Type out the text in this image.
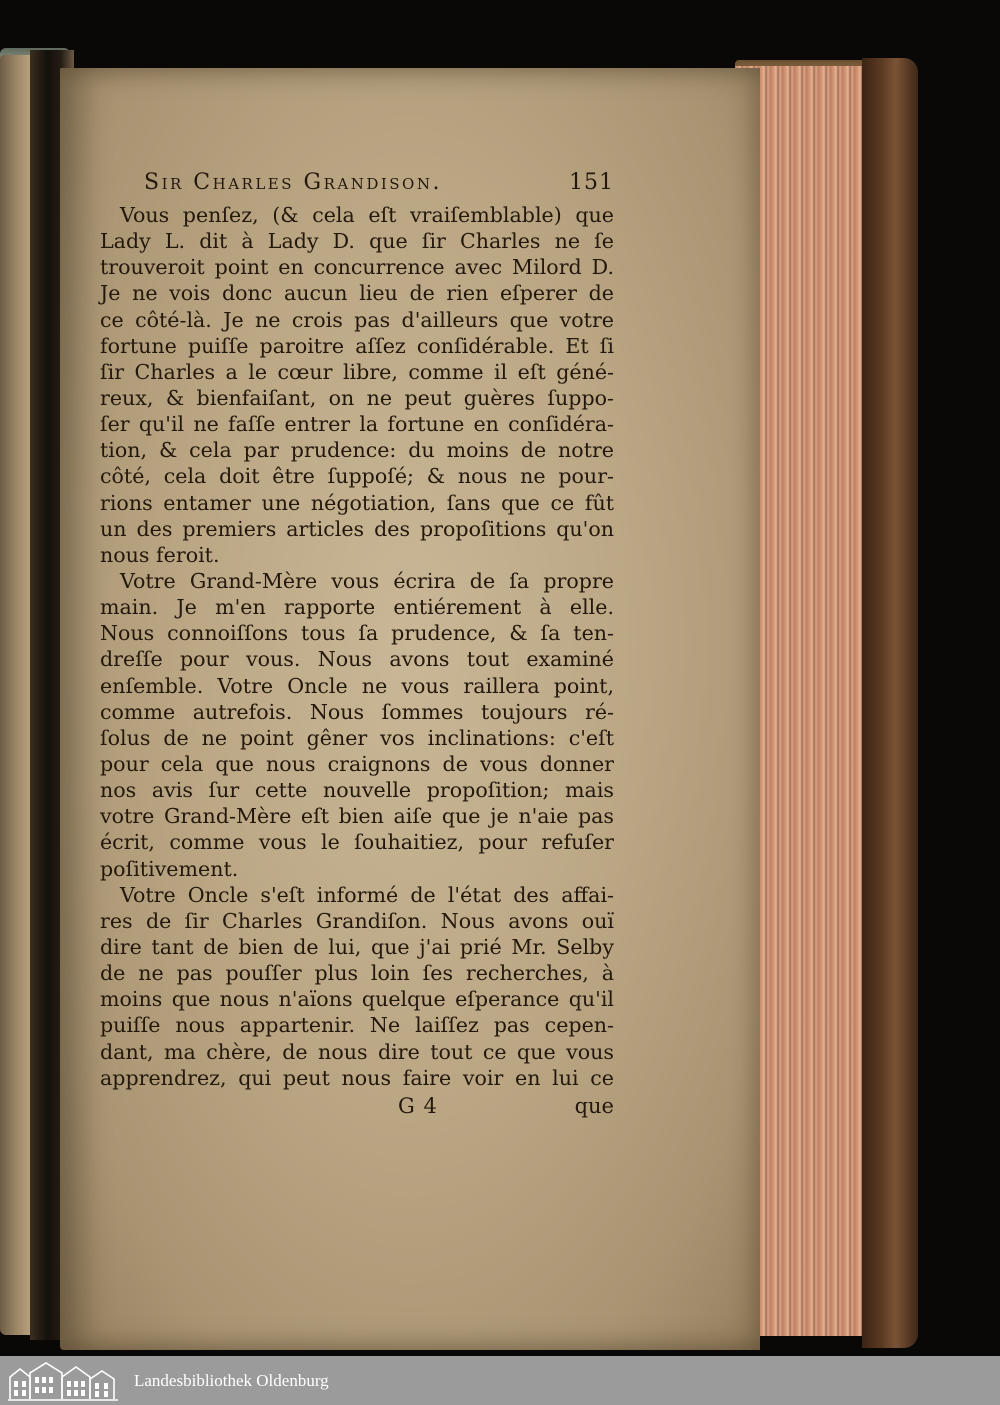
Sir Charles Grandison.	151
Vous penſez, (& cela eſt vraiſemblable) que
Lady L. dit à Lady D. que ſir Charles ne ſe
trouveroit point en concurrence avec Milord D.
Je ne vois donc aucun lieu de rien eſperer de
ce côté-là. Je ne crois pas d'ailleurs que votre
fortune puiſſe paroitre aſſez conſidérable. Et ſi
ſir Charles a le cœur libre, comme il eſt géné-
reux, & bienfaiſant, on ne peut guères ſuppo-
ſer qu'il ne faſſe entrer la fortune en conſidéra-
tion, & cela par prudence: du moins de notre
côté, cela doit être ſuppoſé; & nous ne pour-
rions entamer une négotiation, ſans que ce fût
un des premiers articles des propoſitions qu'on
nous feroit.
Votre Grand-Mère vous écrira de ſa propre
main. Je m'en rapporte entiérement à elle.
Nous connoiſſons tous ſa prudence, & ſa ten-
dreſſe pour vous. Nous avons tout examiné
enſemble. Votre Oncle ne vous raillera point,
comme autrefois. Nous ſommes toujours ré-
ſolus de ne point gêner vos inclinations: c'eſt
pour cela que nous craignons de vous donner
nos avis ſur cette nouvelle propoſition; mais
votre Grand-Mère eſt bien aiſe que je n'aie pas
écrit, comme vous le ſouhaitiez, pour refuſer
poſitivement.
Votre Oncle s'eſt informé de l'état des affai-
res de ſir Charles Grandiſon. Nous avons ouï
dire tant de bien de lui, que j'ai prié Mr. Selby
de ne pas pouſſer plus loin ſes recherches, à
moins que nous n'aïons quelque eſperance qu'il
puiſſe nous appartenir. Ne laiſſez pas cepen-
dant, ma chère, de nous dire tout ce que vous
apprendrez, qui peut nous faire voir en lui ce
G 4	que
Landesbibliothek Oldenburg
